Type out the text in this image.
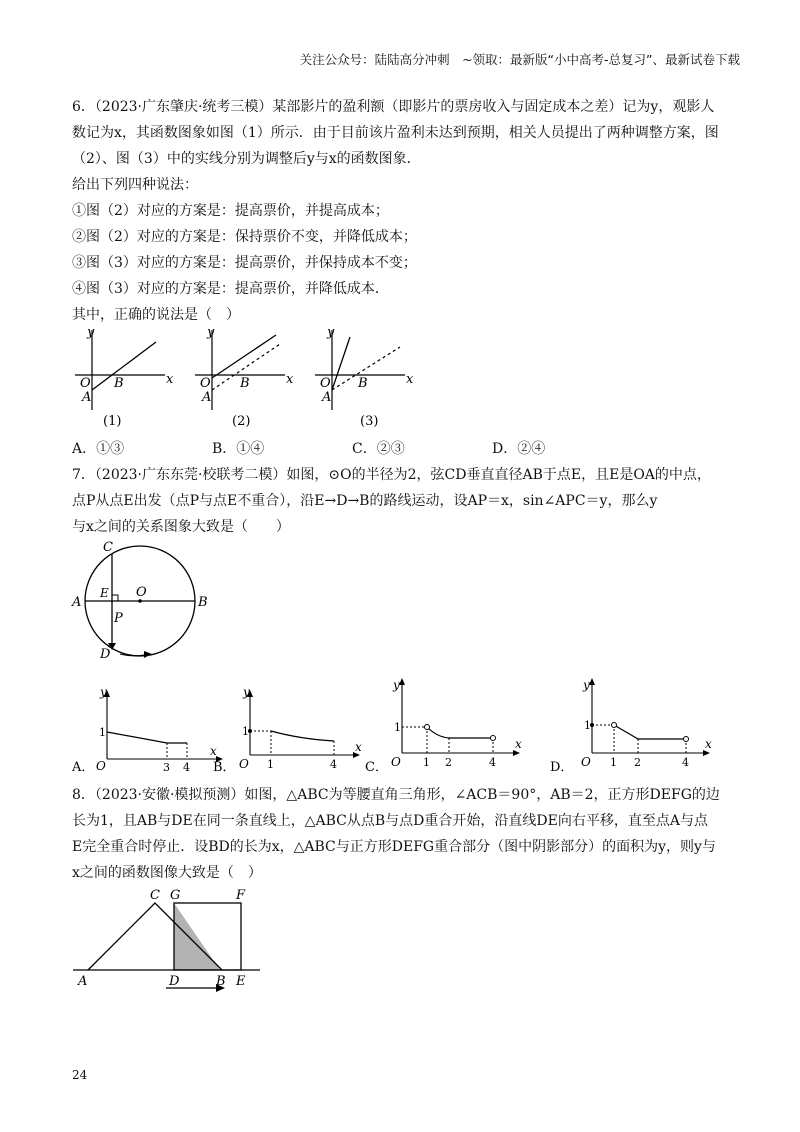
关注公众号：陆陆高分冲刺　~领取：最新版“小中高考-总复习”、最新试卷下载
6．（2023·广东肇庆·统考三模）某部影片的盈利额（即影片的票房收入与固定成本之差）记为y，观影人
数记为x，其函数图象如图（1）所示．由于目前该片盈利未达到预期，相关人员提出了两种调整方案，图
（2）、图（3）中的实线分别为调整后y与x的函数图象．
给出下列四种说法：
①图（2）对应的方案是：提高票价，并提高成本；
②图（2）对应的方案是：保持票价不变，并降低成本；
③图（3）对应的方案是：提高票价，并保持成本不变；
④图（3）对应的方案是：提高票价，并降低成本．
其中，正确的说法是（　）
y
x
O
A
B
(1)
y
x
O
A
B
(2)
y
x
O
A
B
(3)
A．①③	B．①④	C．②③	D．②④
7．（2023·广东东莞·校联考二模）如图，⊙O的半径为2，弦CD垂直直径AB于点E，且E是OA的中点，
点P从点E出发（点P与点E不重合），沿E→D→B的路线运动，设AP＝x，sin∠APC＝y，那么y
与x之间的关系图象大致是（　　）
C
E O
A	B
P
D
A．
y
x
O
1
3 4 B．
y
x
O
1
1	4 C．
y
x
O
1
1 2	4	D．
y
x
O
1
1 2	4
8．（2023·安徽·模拟预测）如图，△ABC为等腰直角三角形，∠ACB＝90°，AB＝2，正方形DEFG的边
长为1，且AB与DE在同一条直线上，△ABC从点B与点D重合开始，沿直线DE向右平移，直至点A与点
E完全重合时停止．设BD的长为x，△ABC与正方形DEFG重合部分（图中阴影部分）的面积为y，则y与
x之间的函数图像大致是（　）
C G	F
A	D	B E
24
